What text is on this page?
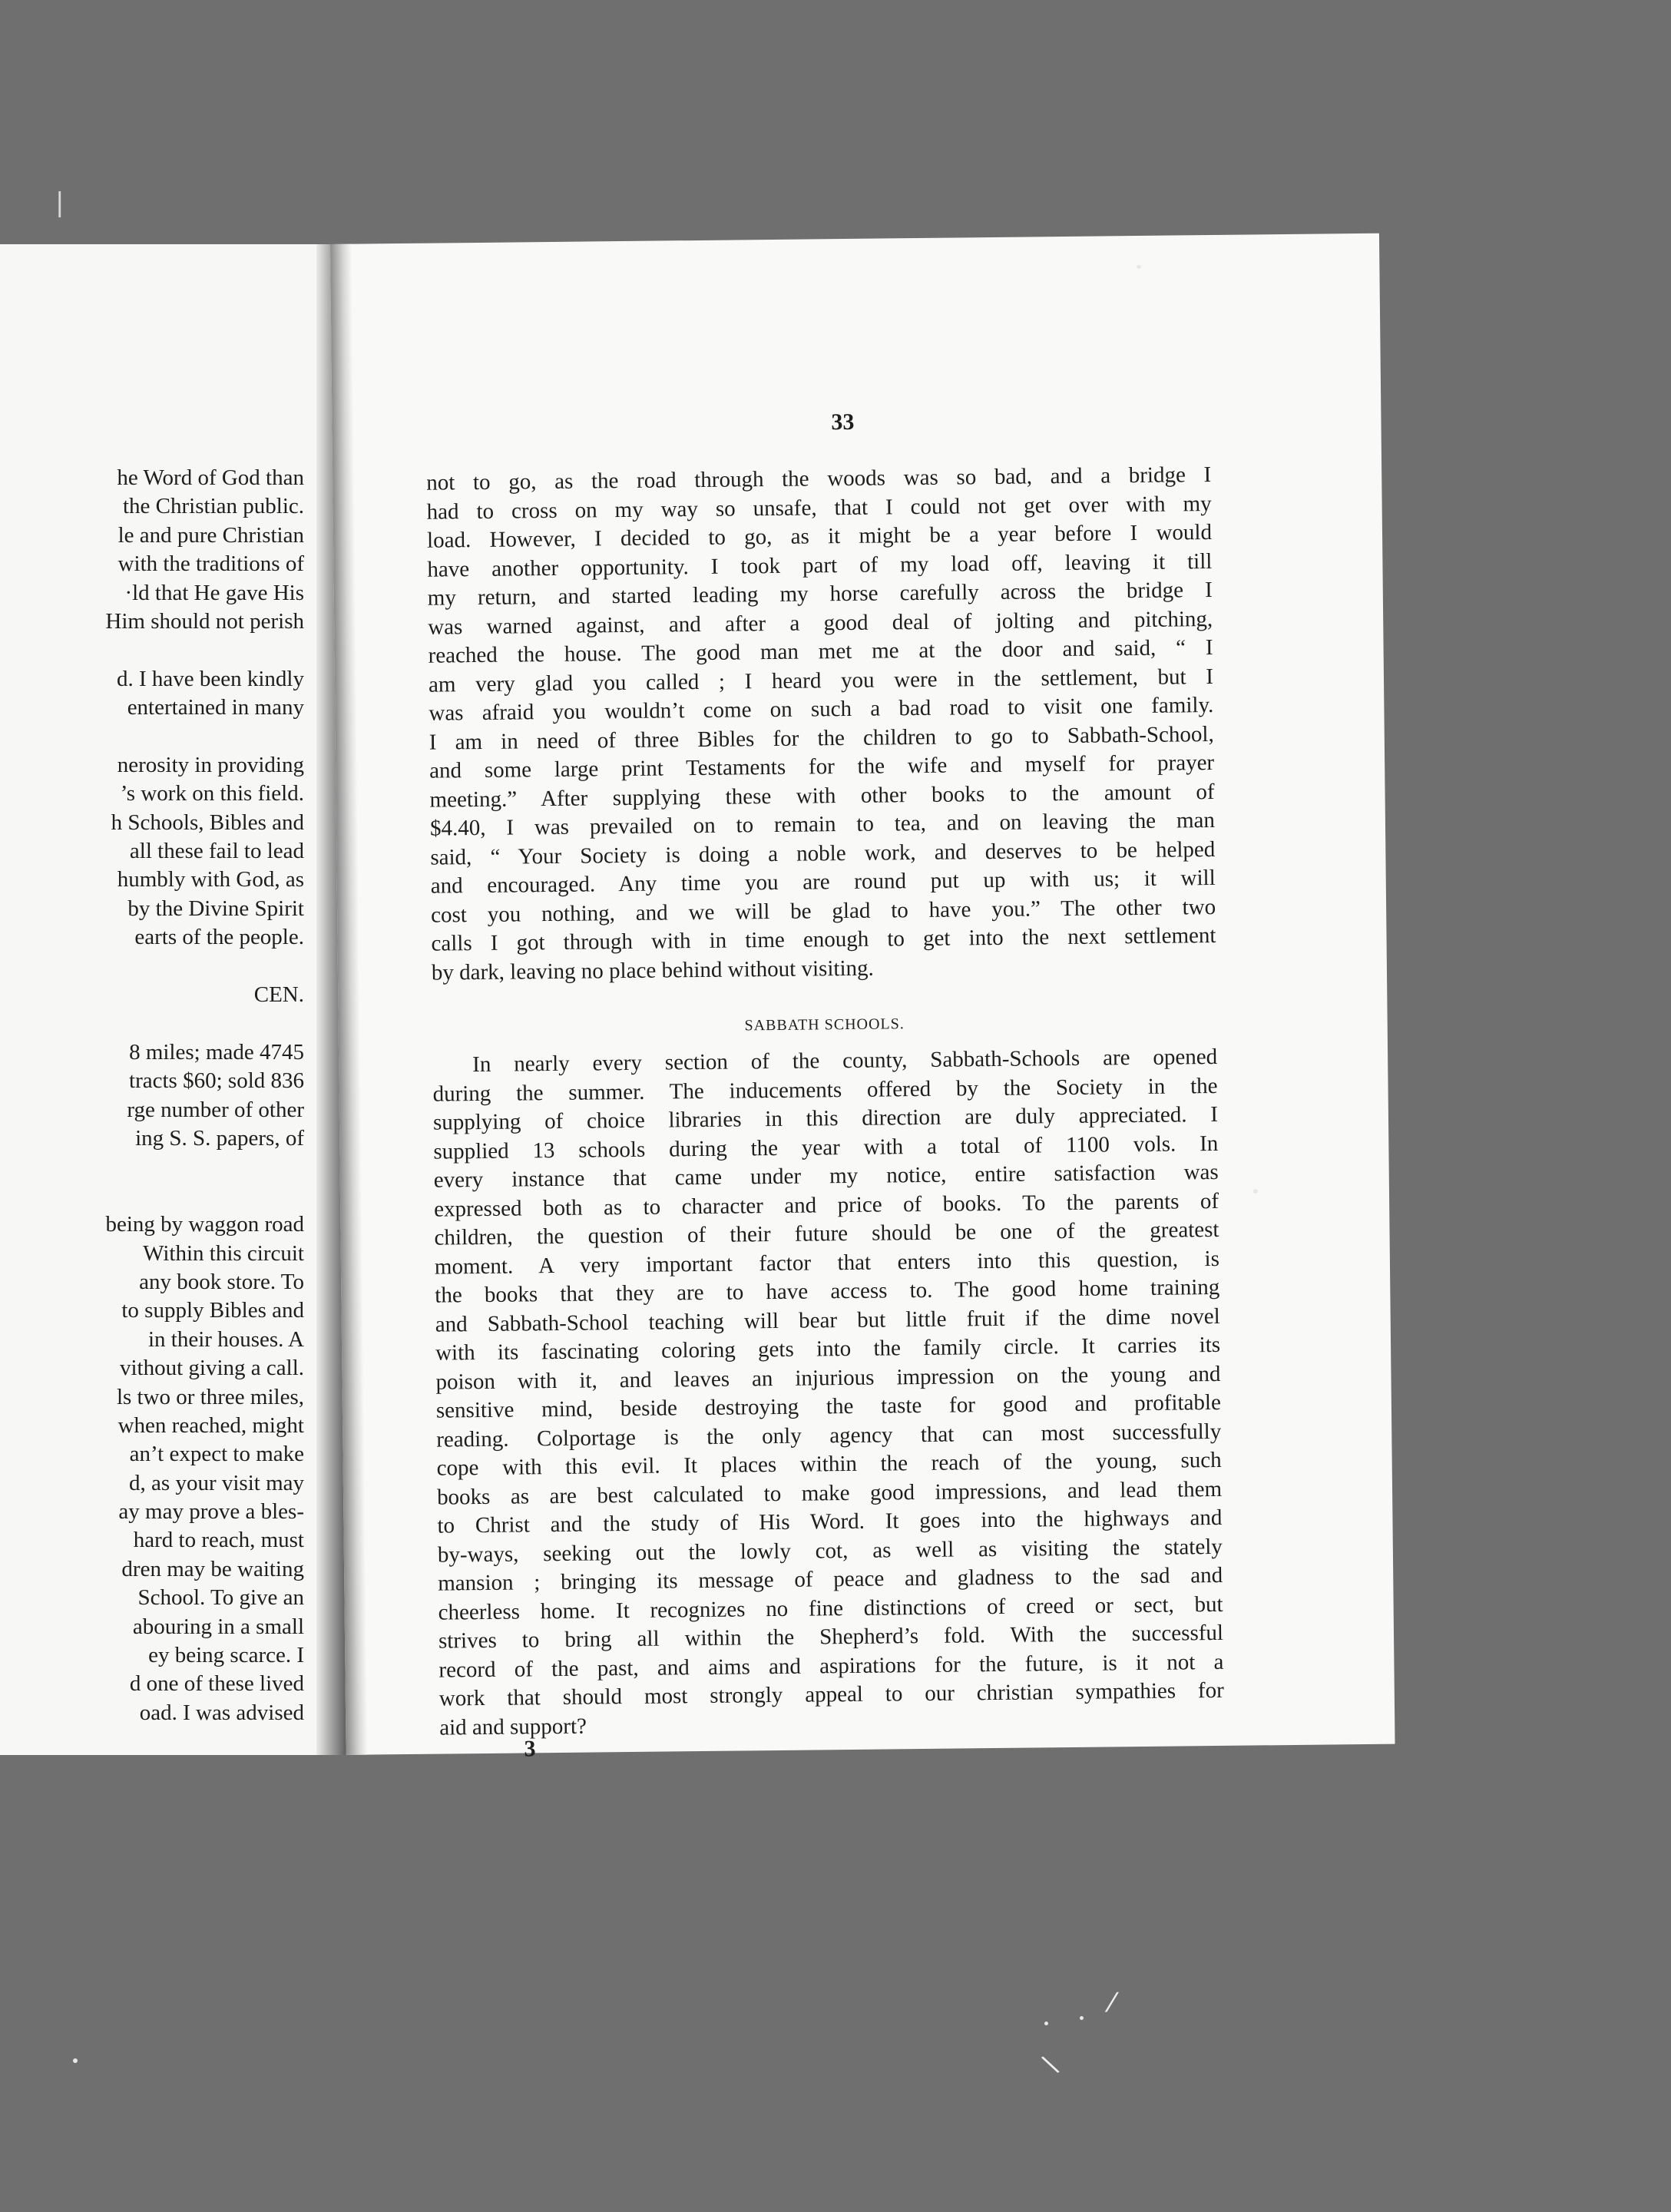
he Word of God than
the Christian public.
le and pure Christian
with the traditions of
·ld that He gave His
Him should not perish
d. I have been kindly
entertained in many
nerosity in providing
’s work on this field.
h Schools, Bibles and
all these fail to lead
humbly with God, as
by the Divine Spirit
earts of the people.
CEN.
8 miles; made 4745
tracts $60; sold 836
rge number of other
ing S. S. papers, of
being by waggon road
Within this circuit
any book store. To
to supply Bibles and
in their houses. A
vithout giving a call.
ls two or three miles,
when reached, might
an’t expect to make
d, as your visit may
ay may prove a bles-
hard to reach, must
dren may be waiting
School. To give an
abouring in a small
ey being scarce. I
d one of these lived
oad. I was advised
33
not to go, as the road through the woods was so bad, and a bridge I
had to cross on my way so unsafe, that I could not get over with my
load. However, I decided to go, as it might be a year before I would
have another opportunity. I took part of my load off, leaving it till
my return, and started leading my horse carefully across the bridge I
was warned against, and after a good deal of jolting and pitching,
reached the house. The good man met me at the door and said, “ I
am very glad you called ; I heard you were in the settlement, but I
was afraid you wouldn’t come on such a bad road to visit one family.
I am in need of three Bibles for the children to go to Sabbath-School,
and some large print Testaments for the wife and myself for prayer
meeting.” After supplying these with other books to the amount of
$4.40, I was prevailed on to remain to tea, and on leaving the man
said, “ Your Society is doing a noble work, and deserves to be helped
and encouraged. Any time you are round put up with us; it will
cost you nothing, and we will be glad to have you.” The other two
calls I got through with in time enough to get into the next settlement
by dark, leaving no place behind without visiting.
SABBATH SCHOOLS.
In nearly every section of the county, Sabbath-Schools are opened
during the summer. The inducements offered by the Society in the
supplying of choice libraries in this direction are duly appreciated. I
supplied 13 schools during the year with a total of 1100 vols. In
every instance that came under my notice, entire satisfaction was
expressed both as to character and price of books. To the parents of
children, the question of their future should be one of the greatest
moment. A very important factor that enters into this question, is
the books that they are to have access to. The good home training
and Sabbath-School teaching will bear but little fruit if the dime novel
with its fascinating coloring gets into the family circle. It carries its
poison with it, and leaves an injurious impression on the young and
sensitive mind, beside destroying the taste for good and profitable
reading. Colportage is the only agency that can most successfully
cope with this evil. It places within the reach of the young, such
books as are best calculated to make good impressions, and lead them
to Christ and the study of His Word. It goes into the highways and
by-ways, seeking out the lowly cot, as well as visiting the stately
mansion ; bringing its message of peace and gladness to the sad and
cheerless home. It recognizes no fine distinctions of creed or sect, but
strives to bring all within the Shepherd’s fold. With the successful
record of the past, and aims and aspirations for the future, is it not a
work that should most strongly appeal to our christian sympathies for
aid and support?
3
⁄
\
|
